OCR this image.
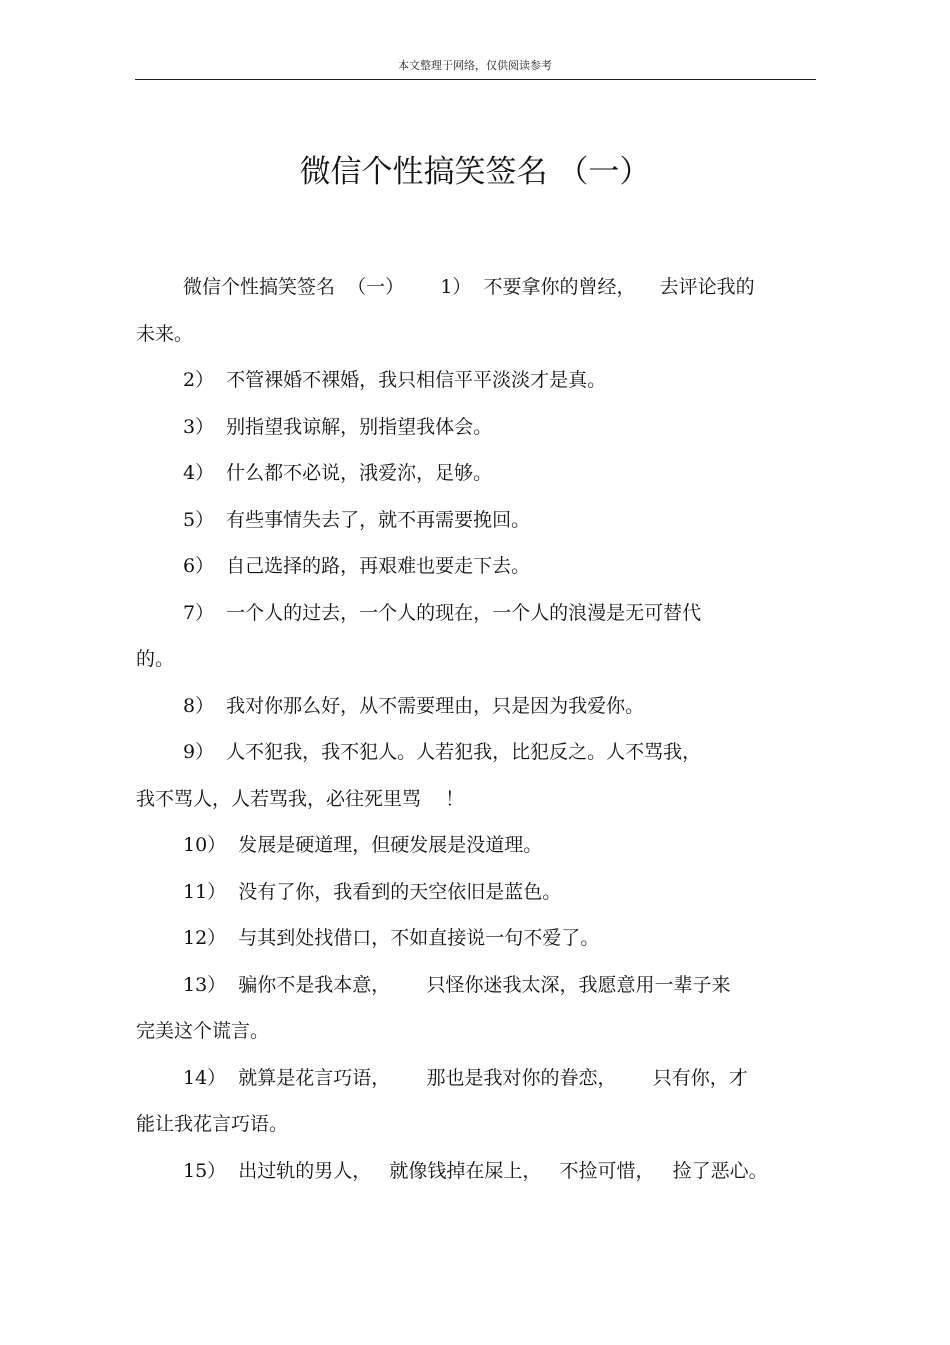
本文整理于网络，仅供阅读参考
微信个性搞笑签名 （一）
微信个性搞笑签名  （一）      1）  不要拿你的曾经，    去评论我的
未来。
2）  不管裸婚不裸婚，我只相信平平淡淡才是真。
3）  别指望我谅解，别指望我体会。
4）  什么都不必说，涐爱沵，足够。
5）  有些事情失去了，就不再需要挽回。
6）  自己选择的路，再艰难也要走下去。
7）  一个人的过去，一个人的现在，一个人的浪漫是无可替代
的。
8）  我对你那么好，从不需要理由，只是因为我爱你。
9）  人不犯我，我不犯人。人若犯我，比犯反之。人不骂我，
我不骂人，人若骂我，必往死里骂    ！
10）  发展是硬道理，但硬发展是没道理。
11）  没有了你，我看到的天空依旧是蓝色。
12）  与其到处找借口，不如直接说一句不爱了。
13）  骗你不是我本意，      只怪你迷我太深，我愿意用一辈子来
完美这个谎言。
14）  就算是花言巧语，      那也是我对你的眷恋，      只有你，才
能让我花言巧语。
15）  出过轨的男人，   就像钱掉在屎上，   不捡可惜，   捡了恶心。
